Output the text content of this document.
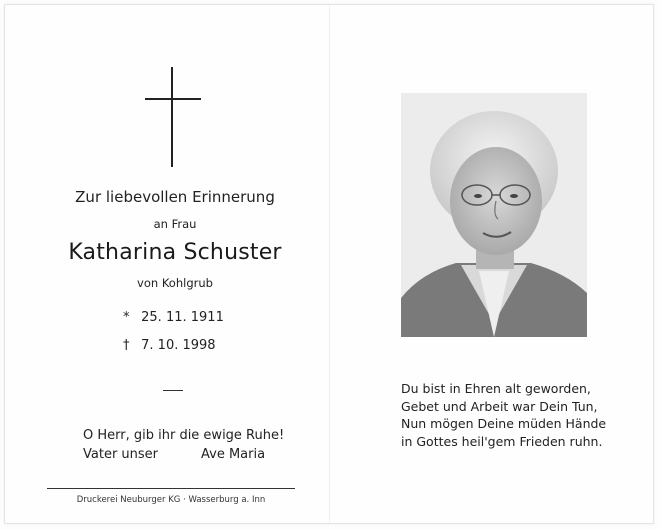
Zur liebevollen Erinnerung
an Frau
Katharina Schuster
von Kohlgrub
* 25. 11. 1911
† 7. 10. 1998
O Herr, gib ihr die ewige Ruhe!
Vater unser	Ave Maria
Druckerei Neuburger KG · Wasserburg a. Inn
Du bist in Ehren alt geworden,
Gebet und Arbeit war Dein Tun,
Nun mögen Deine müden Hände
in Gottes heil'gem Frieden ruhn.
